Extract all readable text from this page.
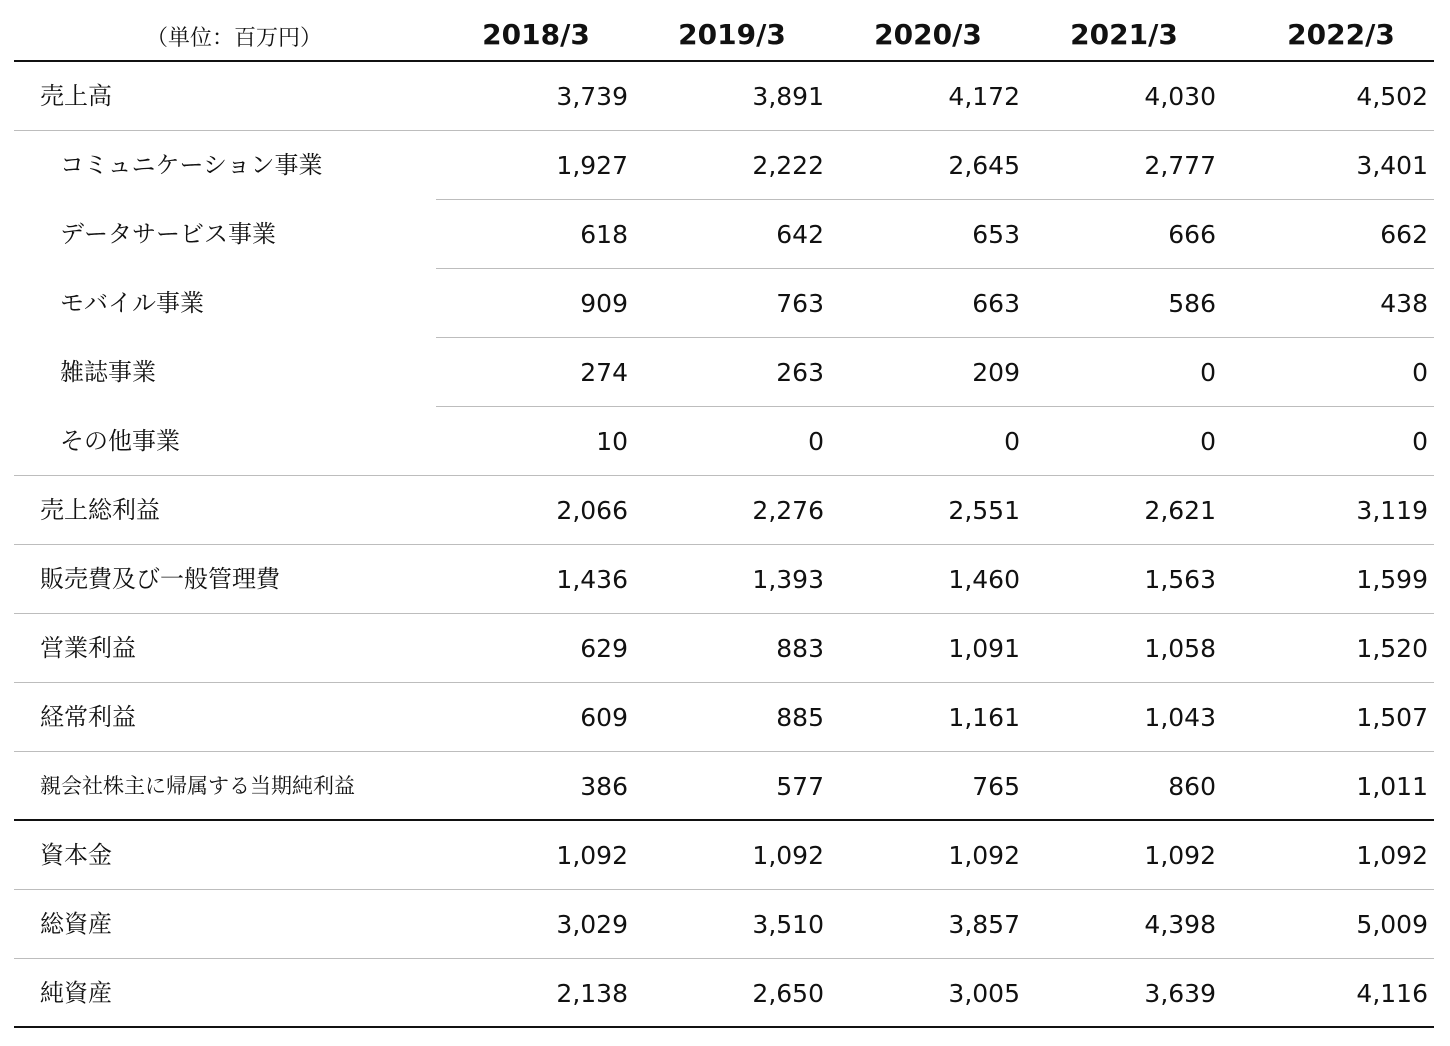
（単位：百万円）	2018/3	2019/3	2020/3	2021/3	2022/3
売上高	3,739	3,891	4,172	4,030	4,502
コミュニケーション事業	1,927	2,222	2,645	2,777	3,401
データサービス事業	618	642	653	666	662
モバイル事業	909	763	663	586	438
雑誌事業	274	263	209	0	0
その他事業	10	0	0	0	0
売上総利益	2,066	2,276	2,551	2,621	3,119
販売費及び一般管理費	1,436	1,393	1,460	1,563	1,599
営業利益	629	883	1,091	1,058	1,520
経常利益	609	885	1,161	1,043	1,507
親会社株主に帰属する当期純利益	386	577	765	860	1,011
資本金	1,092	1,092	1,092	1,092	1,092
総資産	3,029	3,510	3,857	4,398	5,009
純資産	2,138	2,650	3,005	3,639	4,116
